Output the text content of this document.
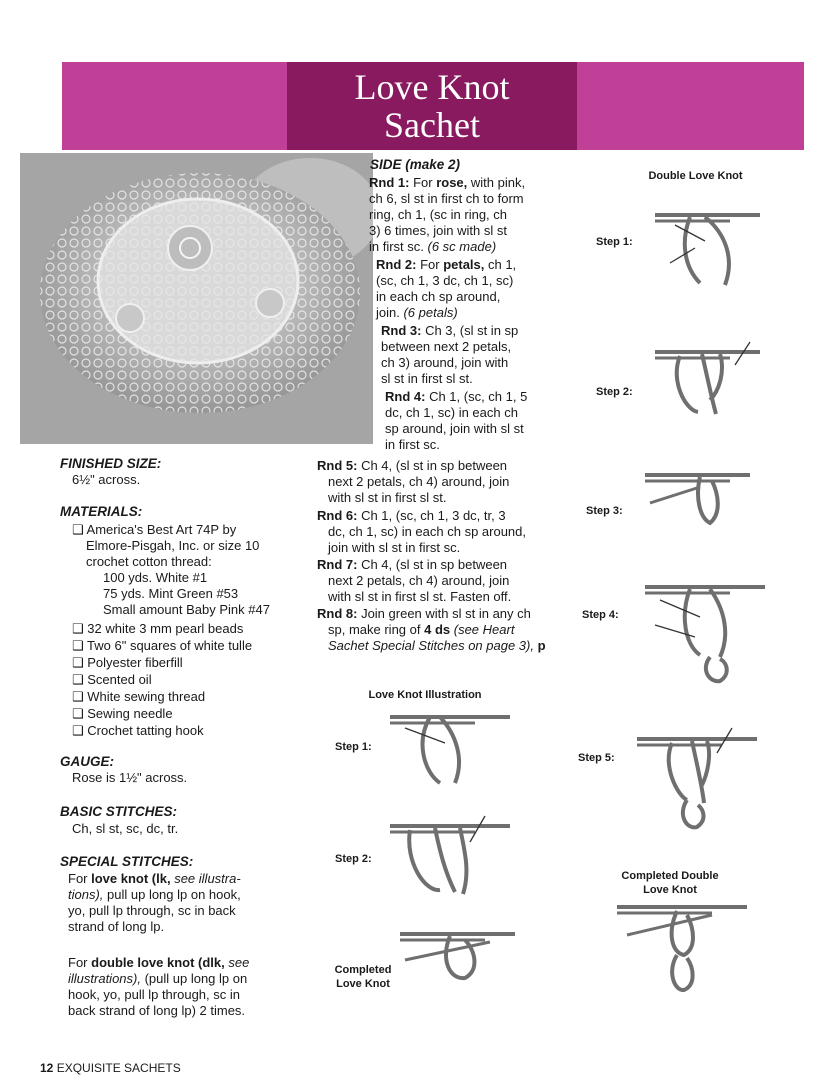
Love Knot
Sachet
FINISHED SIZE:
6½" across.
MATERIALS:
❑ America's Best Art 74P by
Elmore-Pisgah, Inc. or size 10
crochet cotton thread:
100 yds. White #1
75 yds. Mint Green #53
Small amount Baby Pink #47
❑ 32 white 3 mm pearl beads
❑ Two 6" squares of white tulle
❑ Polyester fiberfill
❑ Scented oil
❑ White sewing thread
❑ Sewing needle
❑ Crochet tatting hook
GAUGE:
Rose is 1½" across.
BASIC STITCHES:
Ch, sl st, sc, dc, tr.
SPECIAL STITCHES:
For love knot (lk, see illustra-
tions), pull up long lp on hook,
yo, pull lp through, sc in back
strand of long lp.
For double love knot (dlk, see
illustrations), (pull up long lp on
hook, yo, pull lp through, sc in
back strand of long lp) 2 times.
SIDE (make 2)
Rnd 1: For rose, with pink,
ch 6, sl st in first ch to form
ring, ch 1, (sc in ring, ch
3) 6 times, join with sl st
in first sc. (6 sc made)
Rnd 2: For petals, ch 1,
(sc, ch 1, 3 dc, ch 1, sc)
in each ch sp around,
join. (6 petals)
Rnd 3: Ch 3, (sl st in sp
between next 2 petals,
ch 3) around, join with
sl st in first sl st.
Rnd 4: Ch 1, (sc, ch 1, 5
dc, ch 1, sc) in each ch
sp around, join with sl st
in first sc.
Rnd 5: Ch 4, (sl st in sp between
next 2 petals, ch 4) around, join
with sl st in first sl st.
Rnd 6: Ch 1, (sc, ch 1, 3 dc, tr, 3
dc, ch 1, sc) in each ch sp around,
join with sl st in first sc.
Rnd 7: Ch 4, (sl st in sp between
next 2 petals, ch 4) around, join
with sl st in first sl st. Fasten off.
Rnd 8: Join green with sl st in any ch
sp, make ring of 4 ds (see Heart
Sachet Special Stitches on page 3), p
Love Knot Illustration
Step 1:
Step 2:
Completed
Love Knot
Double Love Knot
Step 1:
Step 2:
Step 3:
Step 4:
Step 5:
Completed Double
Love Knot
12 EXQUISITE SACHETS
